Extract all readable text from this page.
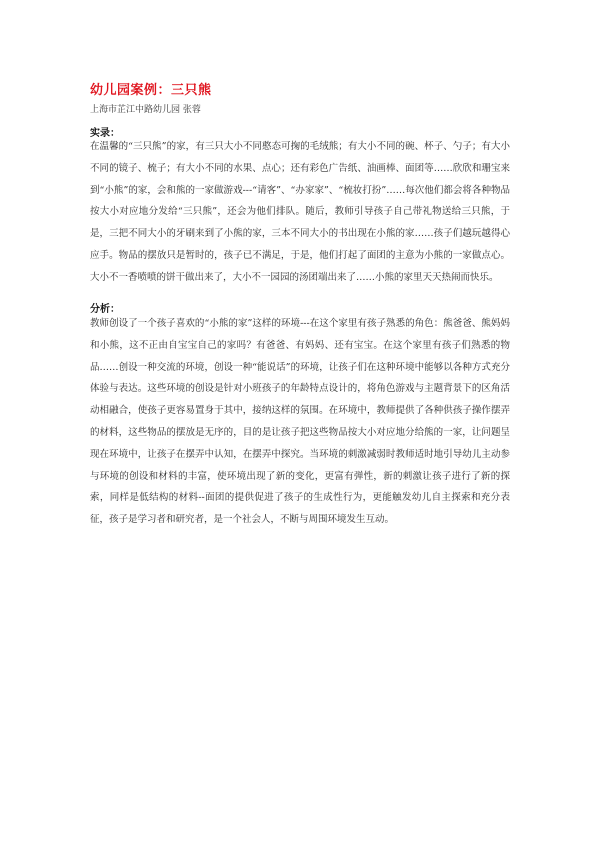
幼儿园案例：三只熊
上海市芷江中路幼儿园 张蓉
实录：
在温馨的“三只熊”的家，有三只大小不同憨态可掬的毛绒熊；有大小不同的碗、杯子、勺子；有大小不同的镜子、梳子；有大小不同的水果、点心；还有彩色广告纸、油画棒、面团等……欣欣和珊宝来到“小熊”的家，会和熊的一家做游戏---“请客”、“办家家”、“梳妆打扮”……每次他们都会将各种物品按大小对应地分发给“三只熊”，还会为他们排队。随后，教师引导孩子自己带礼物送给三只熊，于是，三把不同大小的牙刷来到了小熊的家，三本不同大小的书出现在小熊的家……孩子们越玩越得心应手。物品的摆放只是暂时的，孩子已不满足，于是，他们打起了面团的主意为小熊的一家做点心。大小不一香喷喷的饼干做出来了，大小不一园园的汤团端出来了……小熊的家里天天热闹而快乐。
分析：
教师创设了一个孩子喜欢的“小熊的家”这样的环境---在这个家里有孩子熟悉的角色：熊爸爸、熊妈妈和小熊，这不正由自宝宝自己的家吗？有爸爸、有妈妈、还有宝宝。在这个家里有孩子们熟悉的物品……创设一种交流的环境，创设一种“能说话”的环境，让孩子们在这种环境中能够以各种方式充分体验与表达。这些环境的创设是针对小班孩子的年龄特点设计的，将角色游戏与主题背景下的区角活动相融合，使孩子更容易置身于其中，接纳这样的氛围。在环境中，教师提供了各种供孩子操作摆弄的材料，这些物品的摆放是无序的，目的是让孩子把这些物品按大小对应地分给熊的一家，让问题呈现在环境中，让孩子在摆弄中认知，在摆弄中探究。当环境的刺激减弱时教师适时地引导幼儿主动参与环境的创设和材料的丰富，使环境出现了新的变化，更富有弹性，新的刺激让孩子进行了新的探索，同样是低结构的材料--面团的提供促进了孩子的生成性行为，更能触发幼儿自主探索和充分表征，孩子是学习者和研究者，是一个社会人，不断与周围环境发生互动。
